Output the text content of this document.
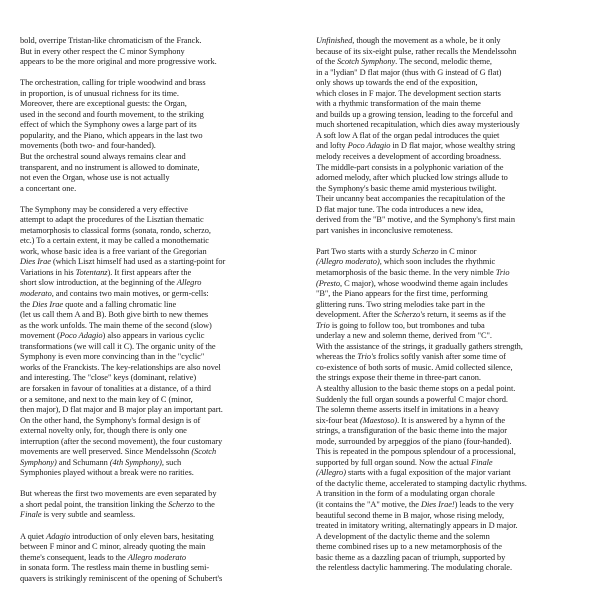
bold, overripe Tristan-like chromaticism of the Franck.
But in every other respect the C minor Symphony
appears to be the more original and more progressive work.
The orchestration, calling for triple woodwind and brass
in proportion, is of unusual richness for its time.
Moreover, there are exceptional guests: the Organ,
used in the second and fourth movement, to the striking
effect of which the Symphony owes a large part of its
popularity, and the Piano, which appears in the last two
movements (both two- and four-handed).
But the orchestral sound always remains clear and
transparent, and no instrument is allowed to dominate,
not even the Organ, whose use is not actually
a concertant one.
The Symphony may be considered a very effective
attempt to adapt the procedures of the Lisztian thematic
metamorphosis to classical forms (sonata, rondo, scherzo,
etc.) To a certain extent, it may be called a monothematic
work, whose basic idea is a free variant of the Gregorian
Dies Irae (which Liszt himself had used as a starting-point for
Variations in his Totentanz). It first appears after the
short slow introduction, at the beginning of the Allegro
moderato, and contains two main motives, or germ-cells:
the Dies Irae quote and a falling chromatic line
(let us call them A and B). Both give birth to new themes
as the work unfolds. The main theme of the second (slow)
movement (Poco Adagio) also appears in various cyclic
transformations (we will call it C). The organic unity of the
Symphony is even more convincing than in the "cyclic"
works of the Franckists. The key-relationships are also novel
and interesting. The "close" keys (dominant, relative)
are forsaken in favour of tonalities at a distance, of a third
or a semitone, and next to the main key of C (minor,
then major), D flat major and B major play an important part.
On the other hand, the Symphony's formal design is of
external novelty only, for, though there is only one
interruption (after the second movement), the four customary
movements are well preserved. Since Mendelssohn (Scotch
Symphony) and Schumann (4th Symphony), such
Symphonies played without a break were no rarities.
But whereas the first two movements are even separated by
a short pedal point, the transition linking the Scherzo to the
Finale is very subtle and seamless.
A quiet Adagio introduction of only eleven bars, hesitating
between F minor and C minor, already quoting the main
theme's consequent, leads to the Allegro moderato
in sonata form. The restless main theme in bustling semi-
quavers is strikingly reminiscent of the opening of Schubert's
Unfinished, though the movement as a whole, be it only
because of its six-eight pulse, rather recalls the Mendelssohn
of the Scotch Symphony. The second, melodic theme,
in a "lydian" D flat major (thus with G instead of G flat)
only shows up towards the end of the exposition,
which closes in F major. The development section starts
with a rhythmic transformation of the main theme
and builds up a growing tension, leading to the forceful and
much shortened recapitulation, which dies away mysteriously
A soft low A flat of the organ pedal introduces the quiet
and lofty Poco Adagio in D flat major, whose wealthy string
melody receives a development of according broadness.
The middle-part consists in a polyphonic variation of the
adorned melody, after which plucked low strings allude to
the Symphony's basic theme amid mysterious twilight.
Their uncanny beat accompanies the recapitulation of the
D flat major tune. The coda introduces a new idea,
derived from the "B" motive, and the Symphony's first main
part vanishes in inconclusive remoteness.
Part Two starts with a sturdy Scherzo in C minor
(Allegro moderato), which soon includes the rhythmic
metamorphosis of the basic theme. In the very nimble Trio
(Presto, C major), whose woodwind theme again includes
"B", the Piano appears for the first time, performing
glittering runs. Two string melodies take part in the
development. After the Scherzo's return, it seems as if the
Trio is going to follow too, but trombones and tuba
underlay a new and solemn theme, derived from "C".
With the assistance of the strings, it gradually gathers strength,
whereas the Trio's frolics softly vanish after some time of
co-existence of both sorts of music. Amid collected silence,
the strings expose their theme in three-part canon.
A stealthy allusion to the basic theme stops on a pedal point.
Suddenly the full organ sounds a powerful C major chord.
The solemn theme asserts itself in imitations in a heavy
six-four beat (Maestoso). It is answered by a hymn of the
strings, a transfiguration of the basic theme into the major
mode, surrounded by arpeggios of the piano (four-handed).
This is repeated in the pompous splendour of a processional,
supported by full organ sound. Now the actual Finale
(Allegro) starts with a fugal exposition of the major variant
of the dactylic theme, accelerated to stamping dactylic rhythms.
A transition in the form of a modulating organ chorale
(it contains the "A" motive, the Dies Irae!) leads to the very
beautiful second theme in B major, whose rising melody,
treated in imitatory writing, alternatingly appears in D major.
A development of the dactylic theme and the solemn
theme combined rises up to a new metamorphosis of the
basic theme as a dazzling pacan of triumph, supported by
the relentless dactylic hammering. The modulating chorale.
